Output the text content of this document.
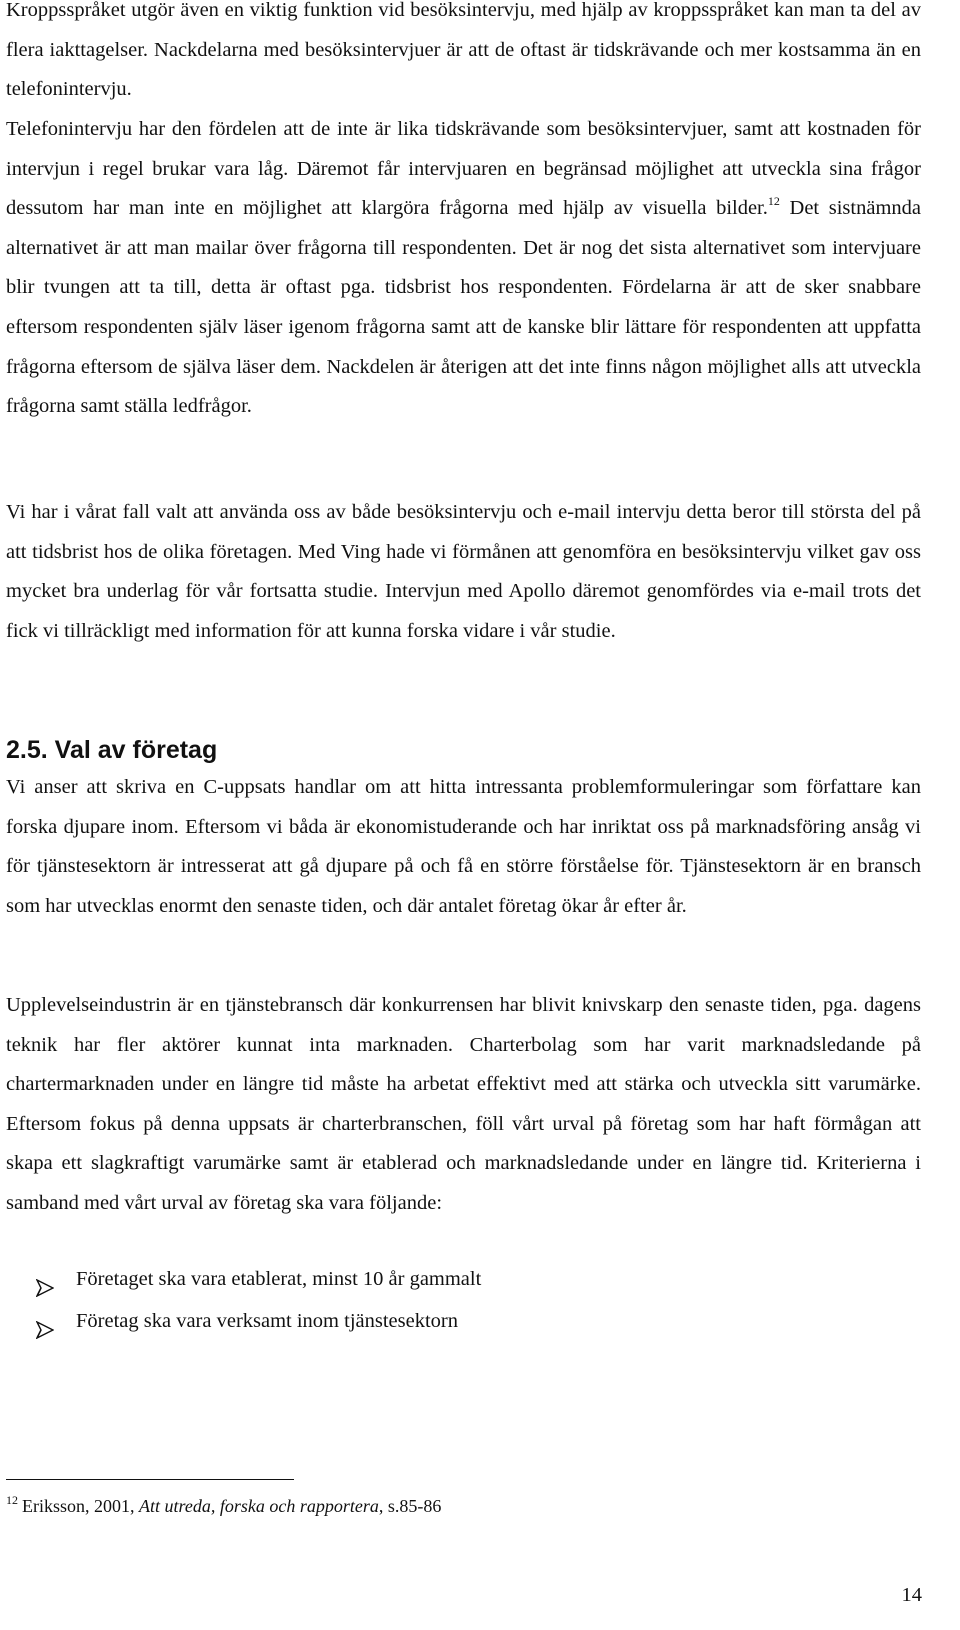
Kroppsspråket utgör även en viktig funktion vid besöksintervju, med hjälp av kroppsspråket kan man ta del av flera iakttagelser. Nackdelarna med besöksintervjuer är att de oftast är tidskrävande och mer kostsamma än en telefonintervju.

Telefonintervju har den fördelen att de inte är lika tidskrävande som besöksintervjuer, samt att kostnaden för intervjun i regel brukar vara låg. Däremot får intervjuaren en begränsad möjlighet att utveckla sina frågor dessutom har man inte en möjlighet att klargöra frågorna med hjälp av visuella bilder.$^{12}$ Det sistnämnda alternativet är att man mailar över frågorna till respondenten. Det är nog det sista alternativet som intervjuare blir tvungen att ta till, detta är oftast pga. tidsbrist hos respondenten. Fördelarna är att de sker snabbare eftersom respondenten själv läser igenom frågorna samt att de kanske blir lättare för respondenten att uppfatta frågorna eftersom de själva läser dem. Nackdelen är återigen att det inte finns någon möjlighet alls att utveckla frågorna samt ställa ledfrågor.

Vi har i vårat fall valt att använda oss av både besöksintervju och e-mail intervju detta beror till största del på att tidsbrist hos de olika företagen. Med Ving hade vi förmånen att genomföra en besöksintervju vilket gav oss mycket bra underlag för vår fortsatta studie. Intervjun med Apollo däremot genomfördes via e-mail trots det fick vi tillräckligt med information för att kunna forska vidare i vår studie.

2.5. Val av företag

Vi anser att skriva en C-uppsats handlar om att hitta intressanta problemformuleringar som författare kan forska djupare inom. Eftersom vi båda är ekonomistuderande och har inriktat oss på marknadsföring ansåg vi för tjänstesektorn är intresserat att gå djupare på och få en större förståelse för. Tjänstesektorn är en bransch som har utvecklas enormt den senaste tiden, och där antalet företag ökar år efter år.

Upplevelseindustrin är en tjänstebransch där konkurrensen har blivit knivskarp den senaste tiden, pga. dagens teknik har fler aktörer kunnat inta marknaden. Charterbolag som har varit marknadsledande på chartermarknaden under en längre tid måste ha arbetat effektivt med att stärka och utveckla sitt varumärke. Eftersom fokus på denna uppsats är charterbranschen, föll vårt urval på företag som har haft förmågan att skapa ett slagkraftigt varumärke samt är etablerad och marknadsledande under en längre tid. Kriterierna i samband med vårt urval av företag ska vara följande:

Företaget ska vara etablerat, minst 10 år gammalt
Företag ska vara verksamt inom tjänstesektorn

$^{12}$ Eriksson, 2001, Att utreda, forska och rapportera, s.85-86

14
